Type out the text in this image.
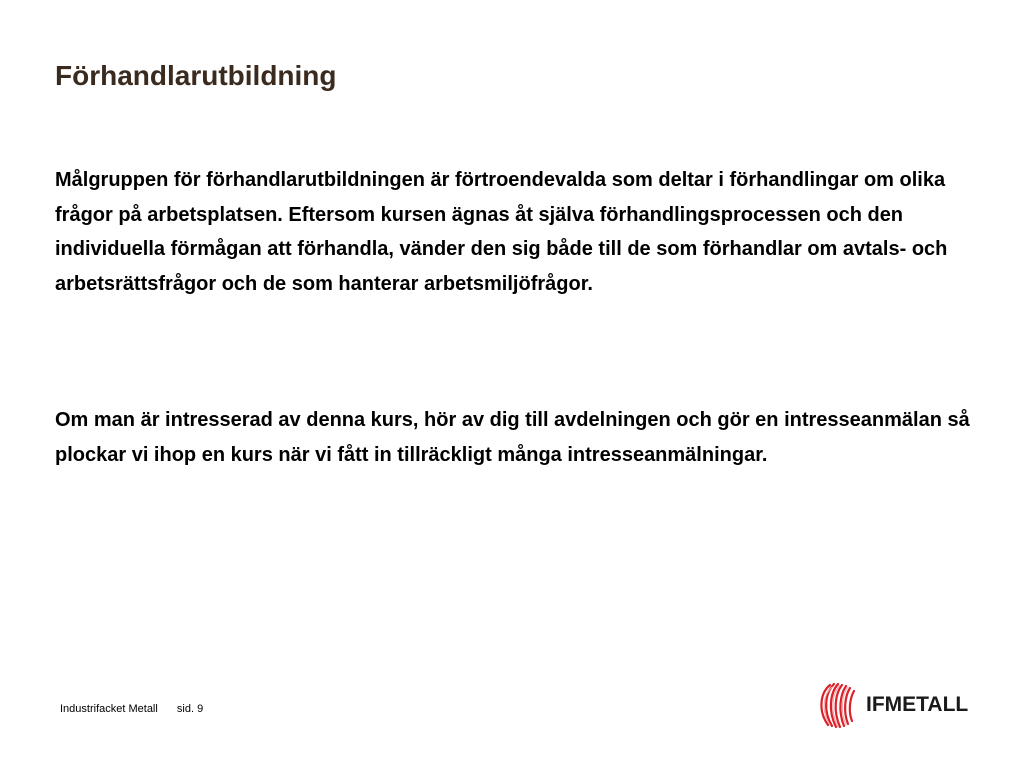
Förhandlarutbildning

Målgruppen för förhandlarutbildningen är förtroendevalda som deltar i förhandlingar om olika frågor på arbetsplatsen. Eftersom kursen ägnas åt själva förhandlingsprocessen och den individuella förmågan att förhandla, vänder den sig både till de som förhandlar om avtals- och arbetsrättsfrågor och de som hanterar arbetsmiljöfrågor.

Om man är intresserad av denna kurs, hör av dig till avdelningen och gör en intresseanmälan så plockar vi ihop en kurs när vi fått in tillräckligt många intresseanmälningar.

Industrifacket Metall sid. 9	IFMETALL
